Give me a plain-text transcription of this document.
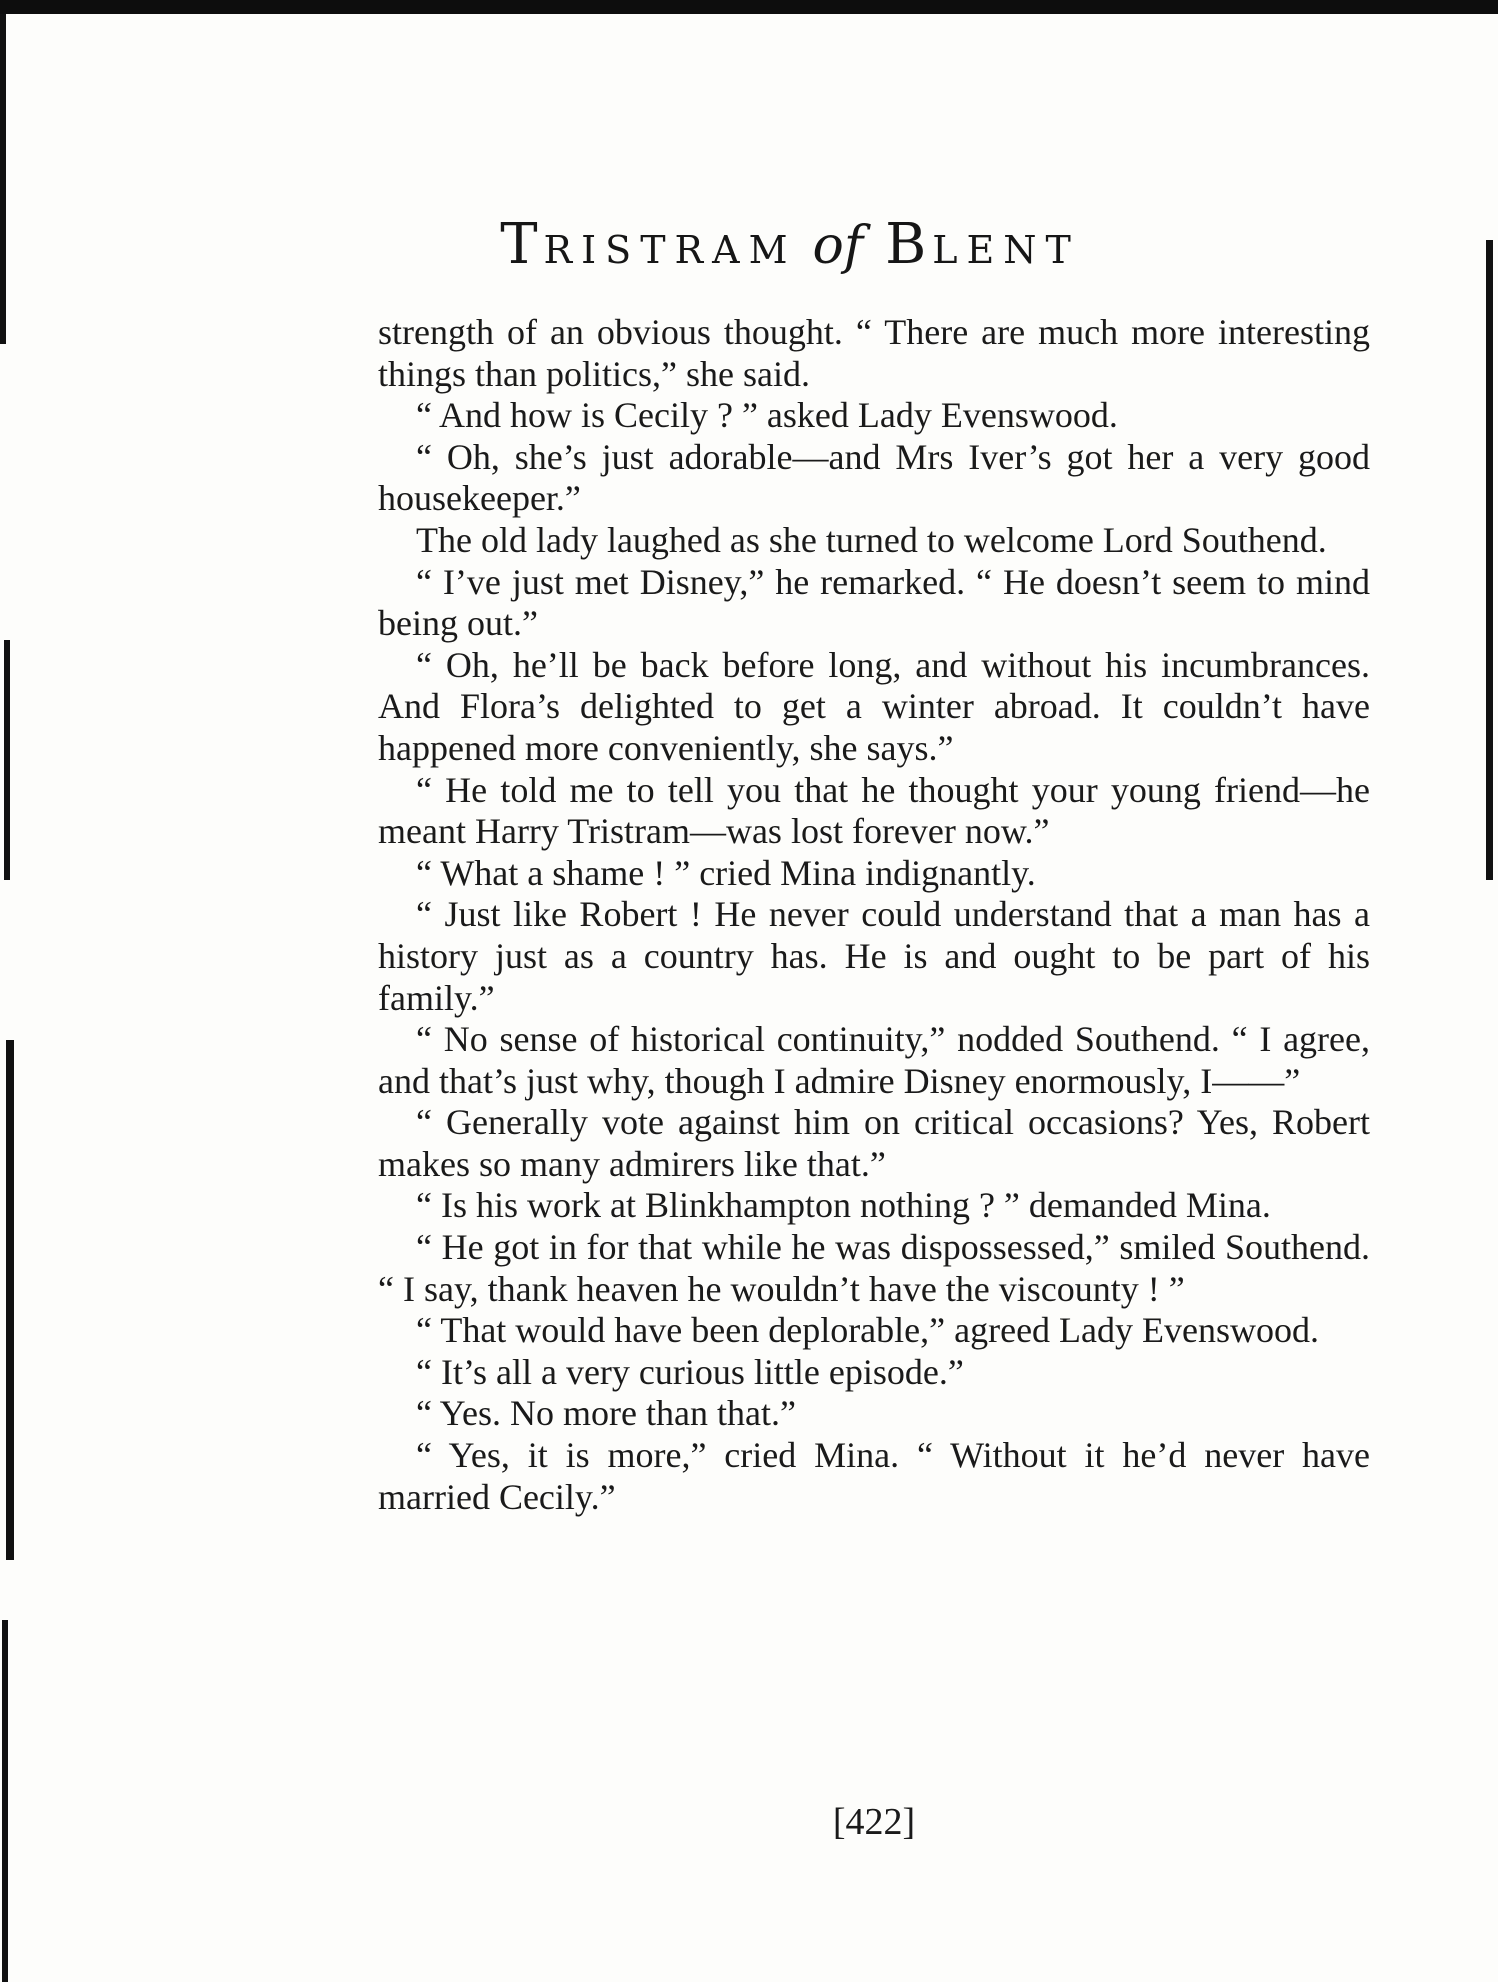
TRISTRAM of BLENT

strength of an obvious thought. “ There are much more interesting things than politics,” she said.

“ And how is Cecily ? ” asked Lady Evenswood.

“ Oh, she’s just adorable—and Mrs Iver’s got her a very good housekeeper.”

The old lady laughed as she turned to welcome Lord Southend.

“ I’ve just met Disney,” he remarked. “ He doesn’t seem to mind being out.”

“ Oh, he’ll be back before long, and without his incumbrances. And Flora’s delighted to get a winter abroad. It couldn’t have happened more conveniently, she says.”

“ He told me to tell you that he thought your young friend—he meant Harry Tristram—was lost forever now.”

“ What a shame ! ” cried Mina indignantly.

“ Just like Robert ! He never could understand that a man has a history just as a country has. He is and ought to be part of his family.”

“ No sense of historical continuity,” nodded Southend. “ I agree, and that’s just why, though I admire Disney enormously, I——”

“ Generally vote against him on critical occasions? Yes, Robert makes so many admirers like that.”

“ Is his work at Blinkhampton nothing ? ” demanded Mina.

“ He got in for that while he was dispossessed,” smiled Southend. “ I say, thank heaven he wouldn’t have the viscounty ! ”

“ That would have been deplorable,” agreed Lady Evenswood.

“ It’s all a very curious little episode.”

“ Yes. No more than that.”

“ Yes, it is more,” cried Mina. “ Without it he’d never have married Cecily.”

[422]
